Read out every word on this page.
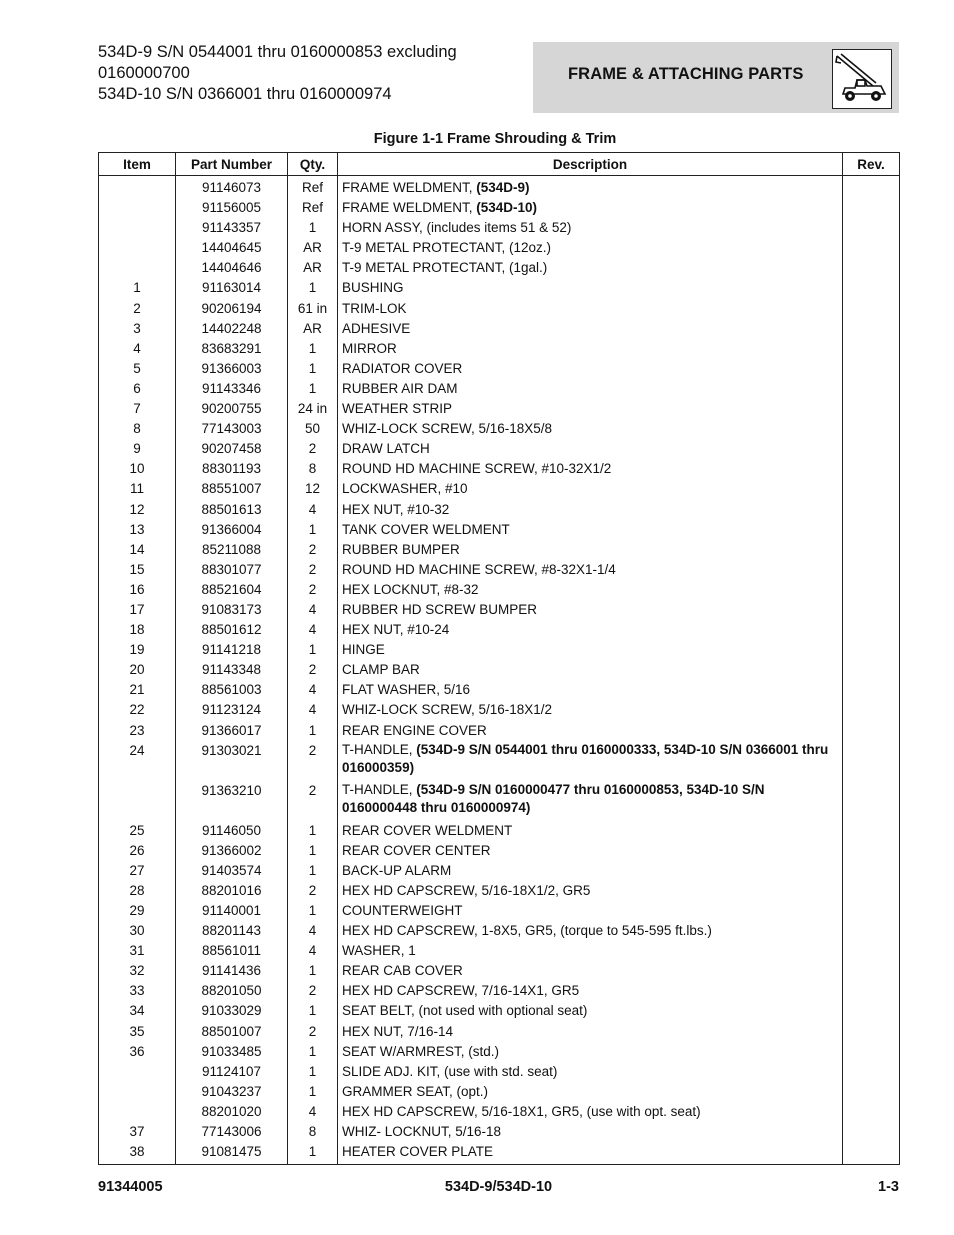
534D-9 S/N 0544001 thru 0160000853 excluding
0160000700
534D-10 S/N 0366001 thru 0160000974
FRAME & ATTACHING PARTS
Figure 1-1 Frame Shrouding & Trim
Item	Part Number	Qty.	Description	Rev.
	91146073	Ref	FRAME WELDMENT, (534D-9)	
	91156005	Ref	FRAME WELDMENT, (534D-10)	
	91143357	1	HORN ASSY, (includes items 51 & 52)	
	14404645	AR	T-9 METAL PROTECTANT, (12oz.)	
	14404646	AR	T-9 METAL PROTECTANT, (1gal.)	
1	91163014	1	BUSHING	
2	90206194	61 in	TRIM-LOK	
3	14402248	AR	ADHESIVE	
4	83683291	1	MIRROR	
5	91366003	1	RADIATOR COVER	
6	91143346	1	RUBBER AIR DAM	
7	90200755	24 in	WEATHER STRIP	
8	77143003	50	WHIZ-LOCK SCREW, 5/16-18X5/8	
9	90207458	2	DRAW LATCH	
10	88301193	8	ROUND HD MACHINE SCREW, #10-32X1/2	
11	88551007	12	LOCKWASHER, #10	
12	88501613	4	HEX NUT, #10-32	
13	91366004	1	TANK COVER WELDMENT	
14	85211088	2	RUBBER BUMPER	
15	88301077	2	ROUND HD MACHINE SCREW, #8-32X1-1/4	
16	88521604	2	HEX LOCKNUT, #8-32	
17	91083173	4	RUBBER HD SCREW BUMPER	
18	88501612	4	HEX NUT, #10-24	
19	91141218	1	HINGE	
20	91143348	2	CLAMP BAR	
21	88561003	4	FLAT WASHER, 5/16	
22	91123124	4	WHIZ-LOCK SCREW, 5/16-18X1/2	
23	91366017	1	REAR ENGINE COVER	
24	91303021	2	T-HANDLE, (534D-9 S/N 0544001 thru 0160000333, 534D-10 S/N 0366001 thru 016000359)	
	91363210	2	T-HANDLE, (534D-9 S/N 0160000477 thru 0160000853, 534D-10 S/N 0160000448 thru 0160000974)	
25	91146050	1	REAR COVER WELDMENT	
26	91366002	1	REAR COVER CENTER	
27	91403574	1	BACK-UP ALARM	
28	88201016	2	HEX HD CAPSCREW, 5/16-18X1/2, GR5	
29	91140001	1	COUNTERWEIGHT	
30	88201143	4	HEX HD CAPSCREW, 1-8X5, GR5, (torque to 545-595 ft.lbs.)	
31	88561011	4	WASHER, 1	
32	91141436	1	REAR CAB COVER	
33	88201050	2	HEX HD CAPSCREW, 7/16-14X1, GR5	
34	91033029	1	SEAT BELT, (not used with optional seat)	
35	88501007	2	HEX NUT, 7/16-14	
36	91033485	1	SEAT W/ARMREST, (std.)	
	91124107	1	SLIDE ADJ. KIT, (use with std. seat)	
	91043237	1	GRAMMER SEAT, (opt.)	
	88201020	4	HEX HD CAPSCREW, 5/16-18X1, GR5, (use with opt. seat)	
37	77143006	8	WHIZ- LOCKNUT, 5/16-18	
38	91081475	1	HEATER COVER PLATE	
91344005	534D-9/534D-10	1-3
